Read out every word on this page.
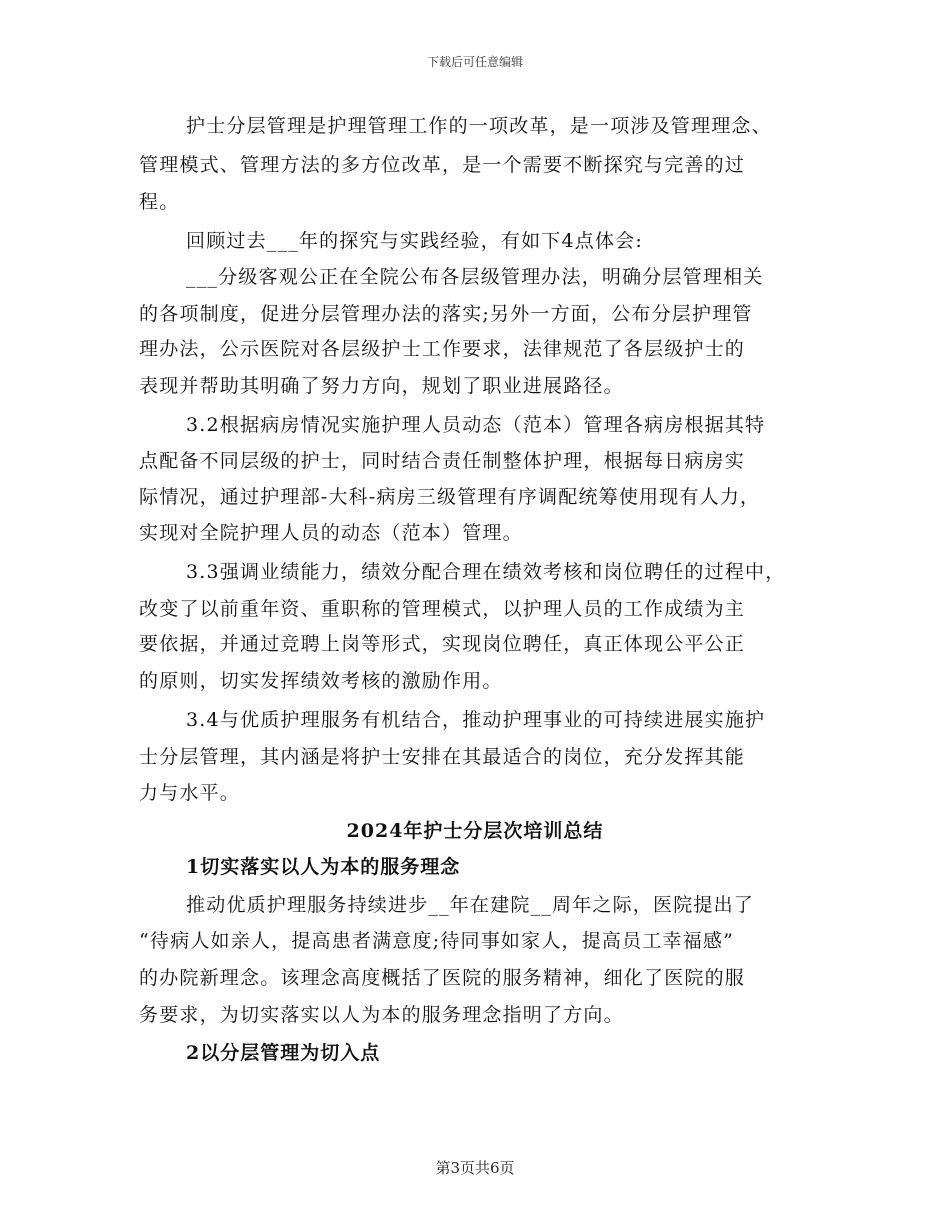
下载后可任意编辑
护士分层管理是护理管理工作的一项改革，是一项涉及管理理念、
管理模式、管理方法的多方位改革，是一个需要不断探究与完善的过
程。
回顾过去___年的探究与实践经验，有如下4点体会:
___分级客观公正在全院公布各层级管理办法，明确分层管理相关
的各项制度，促进分层管理办法的落实;另外一方面，公布分层护理管
理办法，公示医院对各层级护士工作要求，法律规范了各层级护士的
表现并帮助其明确了努力方向，规划了职业进展路径。
3.2根据病房情况实施护理人员动态（范本）管理各病房根据其特
点配备不同层级的护士，同时结合责任制整体护理，根据每日病房实
际情况，通过护理部-大科-病房三级管理有序调配统筹使用现有人力，
实现对全院护理人员的动态（范本）管理。
3.3强调业绩能力，绩效分配合理在绩效考核和岗位聘任的过程中，
改变了以前重年资、重职称的管理模式，以护理人员的工作成绩为主
要依据，并通过竞聘上岗等形式，实现岗位聘任，真正体现公平公正
的原则，切实发挥绩效考核的激励作用。
3.4与优质护理服务有机结合，推动护理事业的可持续进展实施护
士分层管理，其内涵是将护士安排在其最适合的岗位，充分发挥其能
力与水平。
2024年护士分层次培训总结
1切实落实以人为本的服务理念
推动优质护理服务持续进步__年在建院__周年之际，医院提出了
“待病人如亲人，提高患者满意度;待同事如家人，提高员工幸福感”
的办院新理念。该理念高度概括了医院的服务精神，细化了医院的服
务要求，为切实落实以人为本的服务理念指明了方向。
2以分层管理为切入点
第3页共6页
